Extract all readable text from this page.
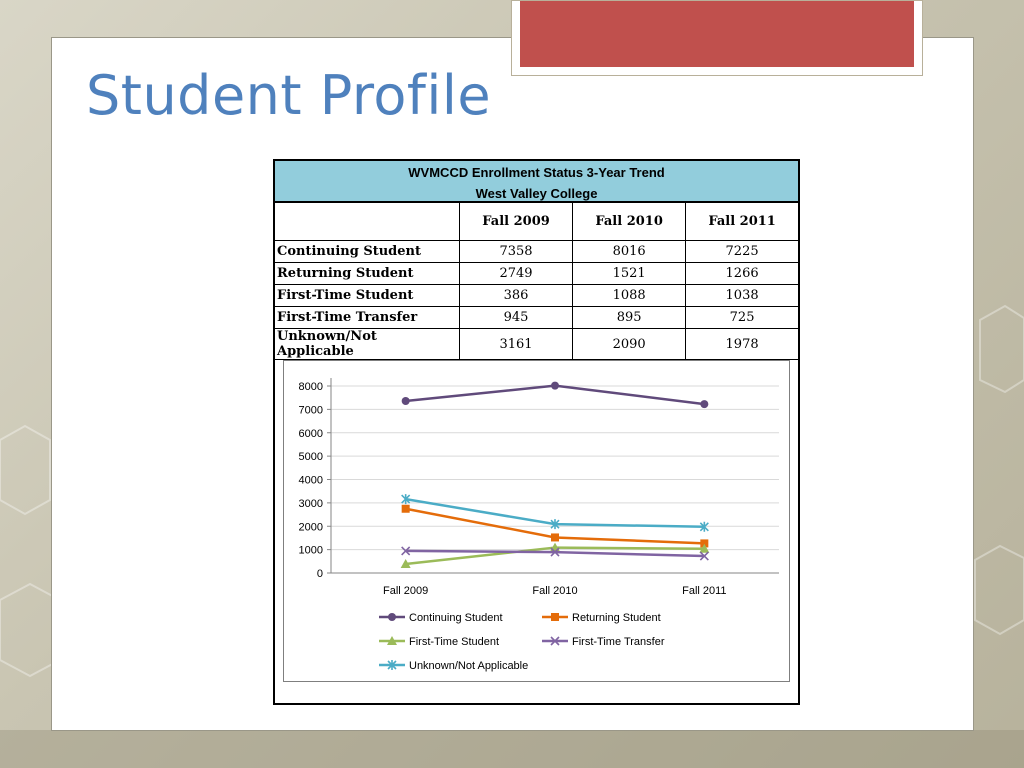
Student Profile
WVMCCD Enrollment Status 3-Year Trend
West Valley College
	Fall 2009	Fall 2010	Fall 2011
Continuing Student	7358	8016	7225
Returning Student	2749	1521	1266
First-Time Student	386	1088	1038
First-Time Transfer	945	895	725
Unknown/Not Applicable	3161	2090	1978
0
1000
2000
3000
4000
5000
6000
7000
8000
Fall 2009	Fall 2010	Fall 2011
Continuing Student	Returning Student
First-Time Student	First-Time Transfer
Unknown/Not Applicable
